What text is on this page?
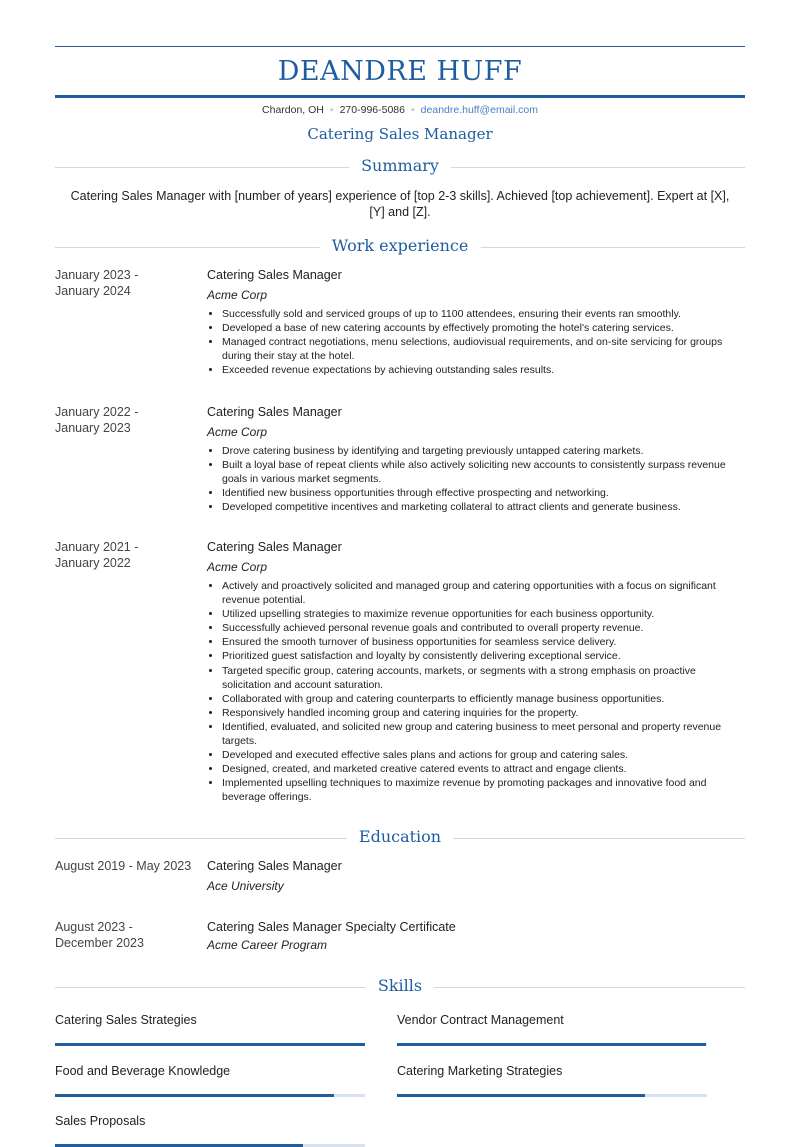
DEANDRE HUFF
Chardon, OH • 270-996-5086 • deandre.huff@email.com
Catering Sales Manager
Summary
Catering Sales Manager with [number of years] experience of [top 2-3 skills]. Achieved [top achievement]. Expert at [X], [Y] and [Z].
Work experience
January 2023 -
January 2024
Catering Sales Manager
Acme Corp
• Successfully sold and serviced groups of up to 1100 attendees, ensuring their events ran smoothly.
• Developed a base of new catering accounts by effectively promoting the hotel's catering services.
• Managed contract negotiations, menu selections, audiovisual requirements, and on-site servicing for groups during their stay at the hotel.
• Exceeded revenue expectations by achieving outstanding sales results.
January 2022 -
January 2023
Catering Sales Manager
Acme Corp
• Drove catering business by identifying and targeting previously untapped catering markets.
• Built a loyal base of repeat clients while also actively soliciting new accounts to consistently surpass revenue goals in various market segments.
• Identified new business opportunities through effective prospecting and networking.
• Developed competitive incentives and marketing collateral to attract clients and generate business.
January 2021 -
January 2022
Catering Sales Manager
Acme Corp
• Actively and proactively solicited and managed group and catering opportunities with a focus on significant revenue potential.
• Utilized upselling strategies to maximize revenue opportunities for each business opportunity.
• Successfully achieved personal revenue goals and contributed to overall property revenue.
• Ensured the smooth turnover of business opportunities for seamless service delivery.
• Prioritized guest satisfaction and loyalty by consistently delivering exceptional service.
• Targeted specific group, catering accounts, markets, or segments with a strong emphasis on proactive solicitation and account saturation.
• Collaborated with group and catering counterparts to efficiently manage business opportunities.
• Responsively handled incoming group and catering inquiries for the property.
• Identified, evaluated, and solicited new group and catering business to meet personal and property revenue targets.
• Developed and executed effective sales plans and actions for group and catering sales.
• Designed, created, and marketed creative catered events to attract and engage clients.
• Implemented upselling techniques to maximize revenue by promoting packages and innovative food and beverage offerings.
Education
August 2019 - May 2023	Catering Sales Manager
Ace University
August 2023 -
December 2023
Catering Sales Manager Specialty Certificate
Acme Career Program
Skills
Catering Sales Strategies	Vendor Contract Management
Food and Beverage Knowledge	Catering Marketing Strategies
Sales Proposals
